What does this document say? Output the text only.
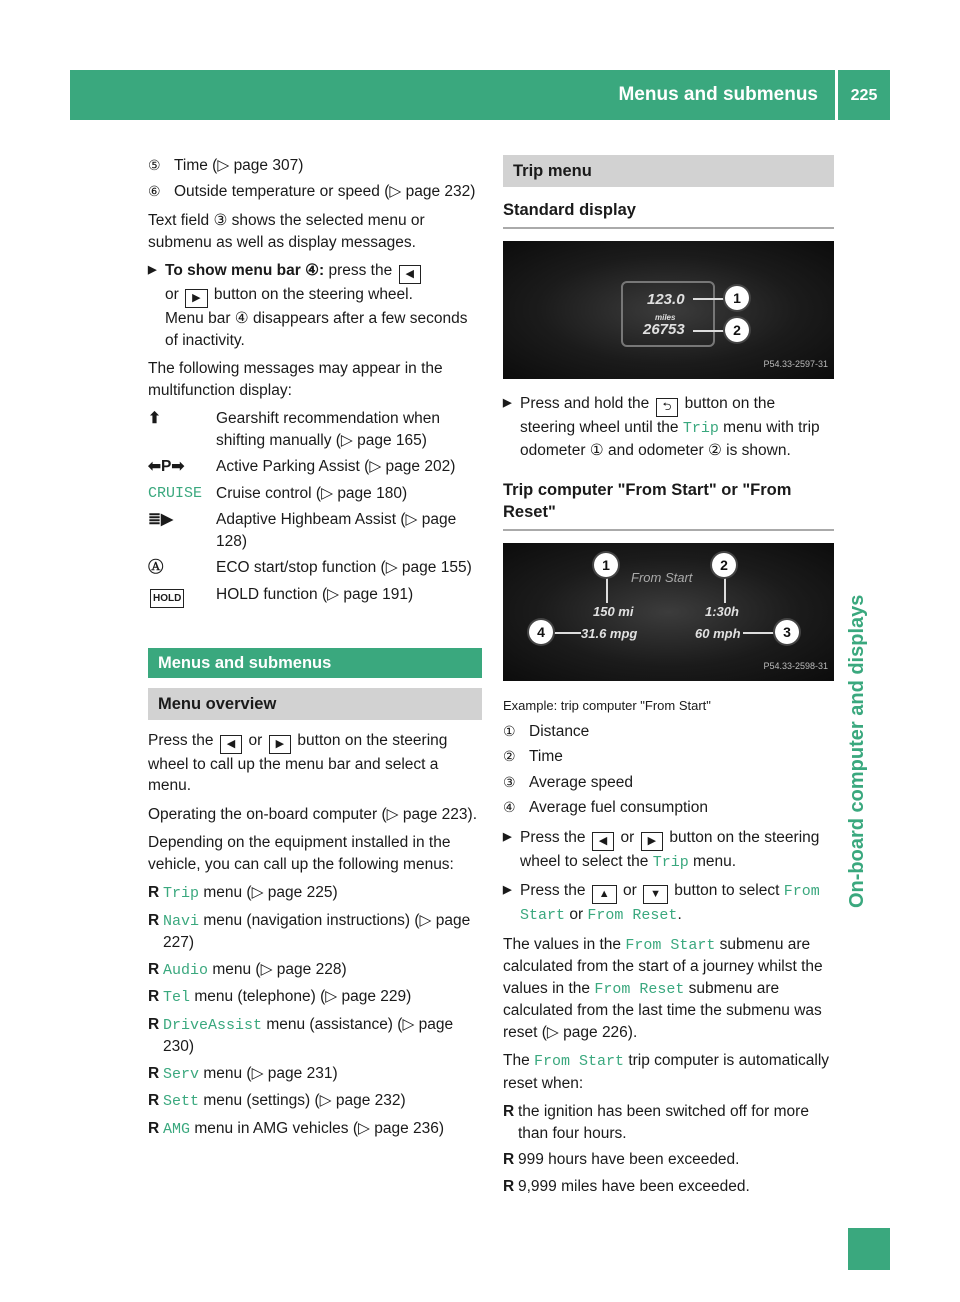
Menus and submenus	225
On-board computer and displays
⑤ Time (▷ page 307)
⑥ Outside temperature or speed (▷ page 232)

Text field ③ shows the selected menu or submenu as well as display messages.

▶ To show menu bar ④: press the ◀
or ▶ button on the steering wheel.
Menu bar ④ disappears after a few seconds of inactivity.

The following messages may appear in the multifunction display:

⬆	Gearshift recommendation when shifting manually (▷ page 165)
⬅P➡	Active Parking Assist (▷ page 202)
CRUISE Cruise control (▷ page 180)
≣▶	Adaptive Highbeam Assist (▷ page 128)
Ⓐ	ECO start/stop function (▷ page 155)
HOLD	HOLD function (▷ page 191)
Menus and submenus
Menu overview

Press the ◀ or ▶ button on the steering wheel to call up the menu bar and select a menu.

Operating the on-board computer (▷ page 223).

Depending on the equipment installed in the vehicle, you can call up the following menus:

R Trip menu (▷ page 225)
R Navi menu (navigation instructions) (▷ page 227)
R Audio menu (▷ page 228)
R Tel menu (telephone) (▷ page 229)
R DriveAssist menu (assistance) (▷ page 230)
R Serv menu (▷ page 231)
R Sett menu (settings) (▷ page 232)
R AMG menu in AMG vehicles (▷ page 236)
Trip menu
Standard display
123.0
miles
26753
1
2
P54.33-2597-31
▶ Press and hold the ⮌ button on the steering wheel until the Trip menu with trip odometer ① and odometer ② is shown.
Trip computer "From Start" or "From Reset"
From Start
150 mi	1:30h
31.6 mpg	60 mph
1	2
3
4
P54.33-2598-31
Example: trip computer "From Start"
① Distance
② Time
③ Average speed
④ Average fuel consumption
▶ Press the ◀ or ▶ button on the steering wheel to select the Trip menu.
▶ Press the ▲ or ▼ button to select From Start or From Reset.

The values in the From Start submenu are calculated from the start of a journey whilst the values in the From Reset submenu are calculated from the last time the submenu was reset (▷ page 226).

The From Start trip computer is automatically reset when:

R the ignition has been switched off for more than four hours.
R 999 hours have been exceeded.
R 9,999 miles have been exceeded.
